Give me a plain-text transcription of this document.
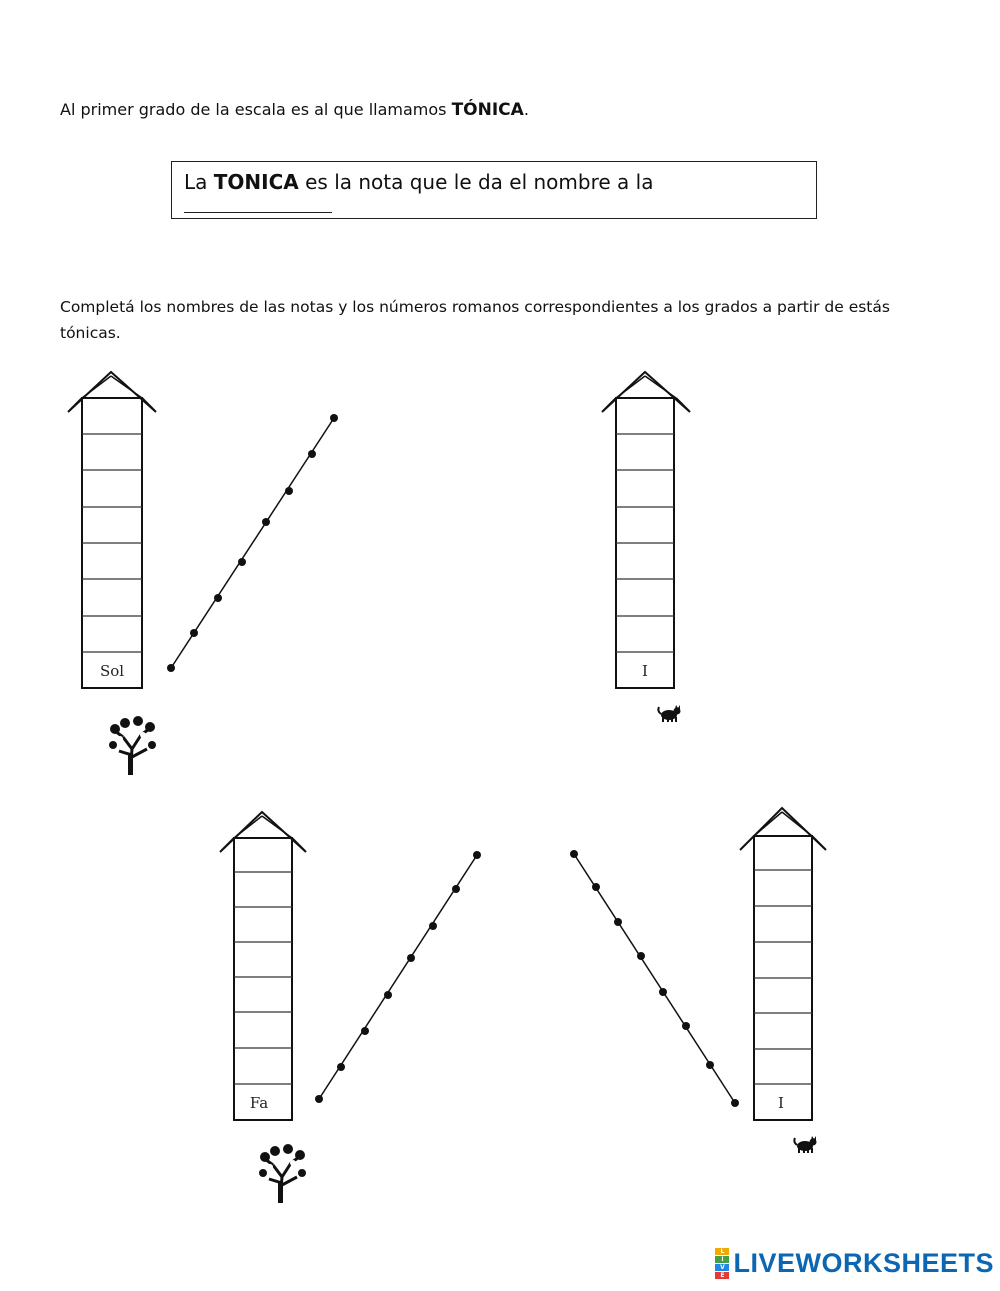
Al primer grado de la escala es al que llamamos TÓNICA.

La TONICA es la nota que le da el nombre a la

Completá los nombres de las notas y los números romanos correspondientes a los grados a partir de estás tónicas.

Sol	I
Fa	I
L
I
V
E LIVEWORKSHEETS
